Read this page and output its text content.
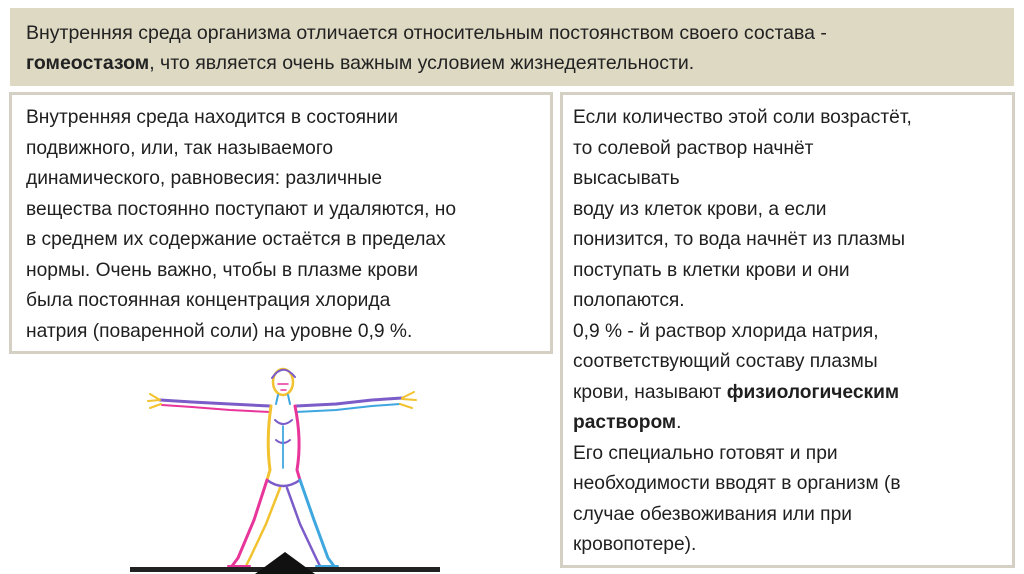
Внутренняя среда организма отличается относительным постоянством своего состава -
гомеостазом, что является очень важным условием жизнедеятельности.
Внутренняя среда находится в состоянии
подвижного, или, так называемого
динамического, равновесия: различные
вещества постоянно поступают и удаляются, но
в среднем их содержание остаётся в пределах
нормы. Очень важно, чтобы в плазме крови
была постоянная концентрация хлорида
натрия (поваренной соли) на уровне 0,9 %.
Если количество этой соли возрастёт,
то солевой раствор начнёт
высасывать
воду из клеток крови, а если
понизится, то вода начнёт из плазмы
поступать в клетки крови и они
полопаются.
0,9 % - й раствор хлорида натрия,
соответствующий составу плазмы
крови, называют физиологическим
раствором.
Его специально готовят и при
необходимости вводят в организм (в
случае обезвоживания или при
кровопотере).
